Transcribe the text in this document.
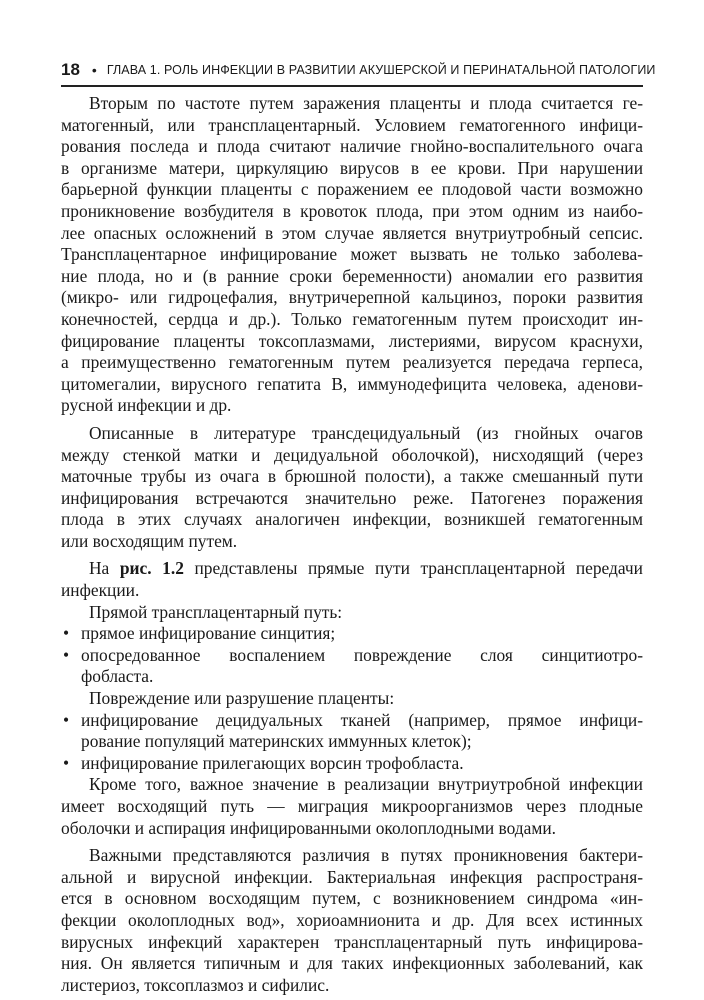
18 • ГЛАВА 1. РОЛЬ ИНФЕКЦИИ В РАЗВИТИИ АКУШЕРСКОЙ И ПЕРИНАТАЛЬНОЙ ПАТОЛОГИИ
Вторым по частоте путем заражения плаценты и плода считается ге-
матогенный, или трансплацентарный. Условием гематогенного инфици-
рования последа и плода считают наличие гнойно-воспалительного очага
в организме матери, циркуляцию вирусов в ее крови. При нарушении
барьерной функции плаценты с поражением ее плодовой части возможно
проникновение возбудителя в кровоток плода, при этом одним из наибо-
лее опасных осложнений в этом случае является внутриутробный сепсис.
Трансплацентарное инфицирование может вызвать не только заболева-
ние плода, но и (в ранние сроки беременности) аномалии его развития
(микро- или гидроцефалия, внутричерепной кальциноз, пороки развития
конечностей, сердца и др.). Только гематогенным путем происходит ин-
фицирование плаценты токсоплазмами, листериями, вирусом краснухи,
а преимущественно гематогенным путем реализуется передача герпеса,
цитомегалии, вирусного гепатита В, иммунодефицита человека, аденови-
русной инфекции и др.
Описанные в литературе трансдецидуальный (из гнойных очагов
между стенкой матки и децидуальной оболочкой), нисходящий (через
маточные трубы из очага в брюшной полости), а также смешанный пути
инфицирования встречаются значительно реже. Патогенез поражения
плода в этих случаях аналогичен инфекции, возникшей гематогенным
или восходящим путем.
На рис. 1.2 представлены прямые пути трансплацентарной передачи
инфекции.
Прямой трансплацентарный путь:
• прямое инфицирование синцития;
• опосредованное воспалением повреждение слоя синцитиотро-
фобласта.
Повреждение или разрушение плаценты:
• инфицирование децидуальных тканей (например, прямое инфици-
рование популяций материнских иммунных клеток);
• инфицирование прилегающих ворсин трофобласта.
Кроме того, важное значение в реализации внутриутробной инфекции
имеет восходящий путь — миграция микроорганизмов через плодные
оболочки и аспирация инфицированными околоплодными водами.
Важными представляются различия в путях проникновения бактери-
альной и вирусной инфекции. Бактериальная инфекция распространя-
ется в основном восходящим путем, с возникновением синдрома «ин-
фекции околоплодных вод», хориоамнионита и др. Для всех истинных
вирусных инфекций характерен трансплацентарный путь инфицирова-
ния. Он является типичным и для таких инфекционных заболеваний, как
листериоз, токсоплазмоз и сифилис.
